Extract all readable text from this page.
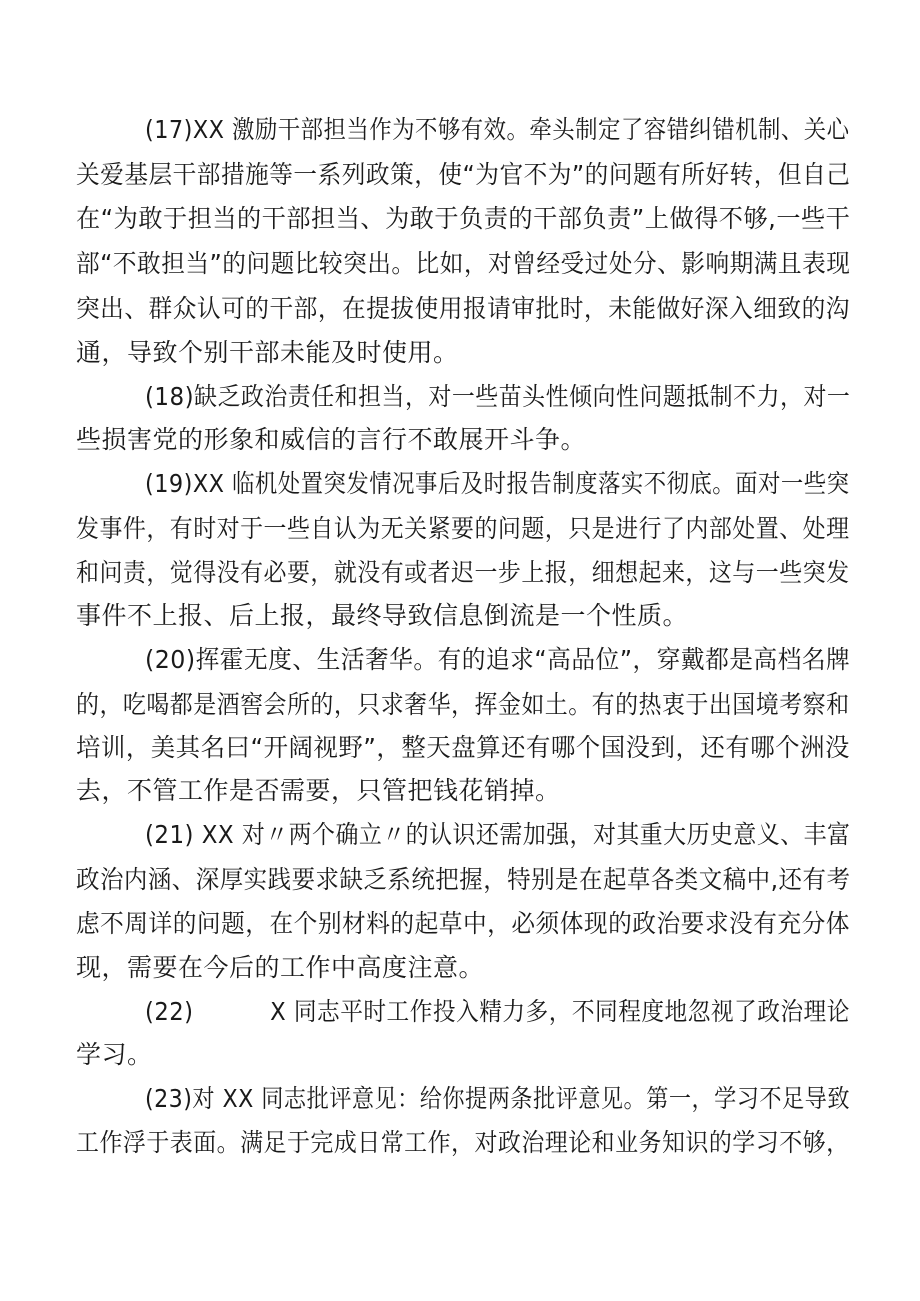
(17)XX 激励干部担当作为不够有效。牵头制定了容错纠错机制、关心
关爱基层干部措施等一系列政策，使“为官不为”的问题有所好转，但自己
在“为敢于担当的干部担当、为敢于负责的干部负责”上做得不够,一些干
部“不敢担当”的问题比较突出。比如，对曾经受过处分、影响期满且表现
突出、群众认可的干部，在提拔使用报请审批时，未能做好深入细致的沟
通，导致个别干部未能及时使用。
(18)缺乏政治责任和担当，对一些苗头性倾向性问题抵制不力，对一
些损害党的形象和威信的言行不敢展开斗争。
(19)XX 临机处置突发情况事后及时报告制度落实不彻底。面对一些突
发事件，有时对于一些自认为无关紧要的问题，只是进行了内部处置、处理
和问责，觉得没有必要，就没有或者迟一步上报，细想起来，这与一些突发
事件不上报、后上报，最终导致信息倒流是一个性质。
(20)挥霍无度、生活奢华。有的追求“高品位”，穿戴都是高档名牌
的，吃喝都是酒窖会所的，只求奢华，挥金如土。有的热衷于出国境考察和
培训，美其名曰“开阔视野”，整天盘算还有哪个国没到，还有哪个洲没
去，不管工作是否需要，只管把钱花销掉。
(21) XX 对〃两个确立〃的认识还需加强，对其重大历史意义、丰富
政治内涵、深厚实践要求缺乏系统把握，特别是在起草各类文稿中,还有考
虑不周详的问题，在个别材料的起草中，必须体现的政治要求没有充分体
现，需要在今后的工作中高度注意。
(22)          X 同志平时工作投入精力多，不同程度地忽视了政治理论
学习。
(23)对 XX 同志批评意见：给你提两条批评意见。第一，学习不足导致
工作浮于表面。满足于完成日常工作，对政治理论和业务知识的学习不够，
